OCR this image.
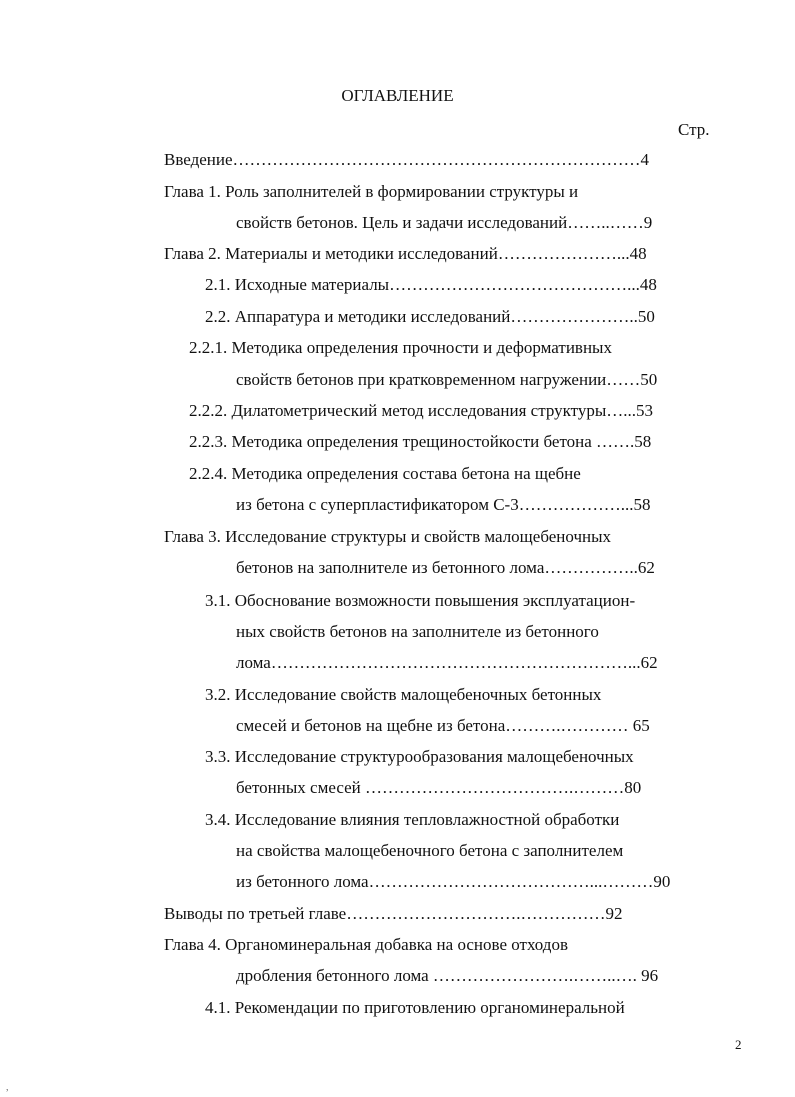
ОГЛАВЛЕНИЕ
Стр.
Введение………………………………………………………………4
Глава 1. Роль заполнителей в формировании структуры и
свойств бетонов. Цель и задачи исследований……..……9
Глава 2. Материалы и методики исследований…………………...48
2.1. Исходные материалы……………………………………...48
2.2. Аппаратура и методики исследований…………………..50
2.2.1. Методика определения прочности и деформативных
свойств бетонов при кратковременном нагружении……50
2.2.2. Дилатометрический метод исследования структуры…...53
2.2.3. Методика определения трещиностойкости бетона …….58
2.2.4. Методика определения состава бетона на щебне
из бетона с суперпластификатором С-3………………...58
Глава 3. Исследование структуры и свойств малощебеночных
бетонов на заполнителе из бетонного лома……………..62
3.1. Обоснование возможности повышения эксплуатацион-
ных свойств бетонов на заполнителе из бетонного
лома………………………………………………………...62
3.2. Исследование свойств малощебеночных бетонных
смесей и бетонов на щебне из бетона……….………… 65
3.3. Исследование структурообразования малощебеночных
бетонных смесей ……………………………….………80
3.4. Исследование влияния тепловлажностной обработки
на свойства малощебеночного бетона с заполнителем
из бетонного лома…………………………………...………90
Выводы по третьей главе………………………….……………92
Глава 4. Органоминеральная добавка на основе отходов
дробления бетонного лома …………………….……..…. 96
4.1. Рекомендации по приготовлению органоминеральной
2
,
